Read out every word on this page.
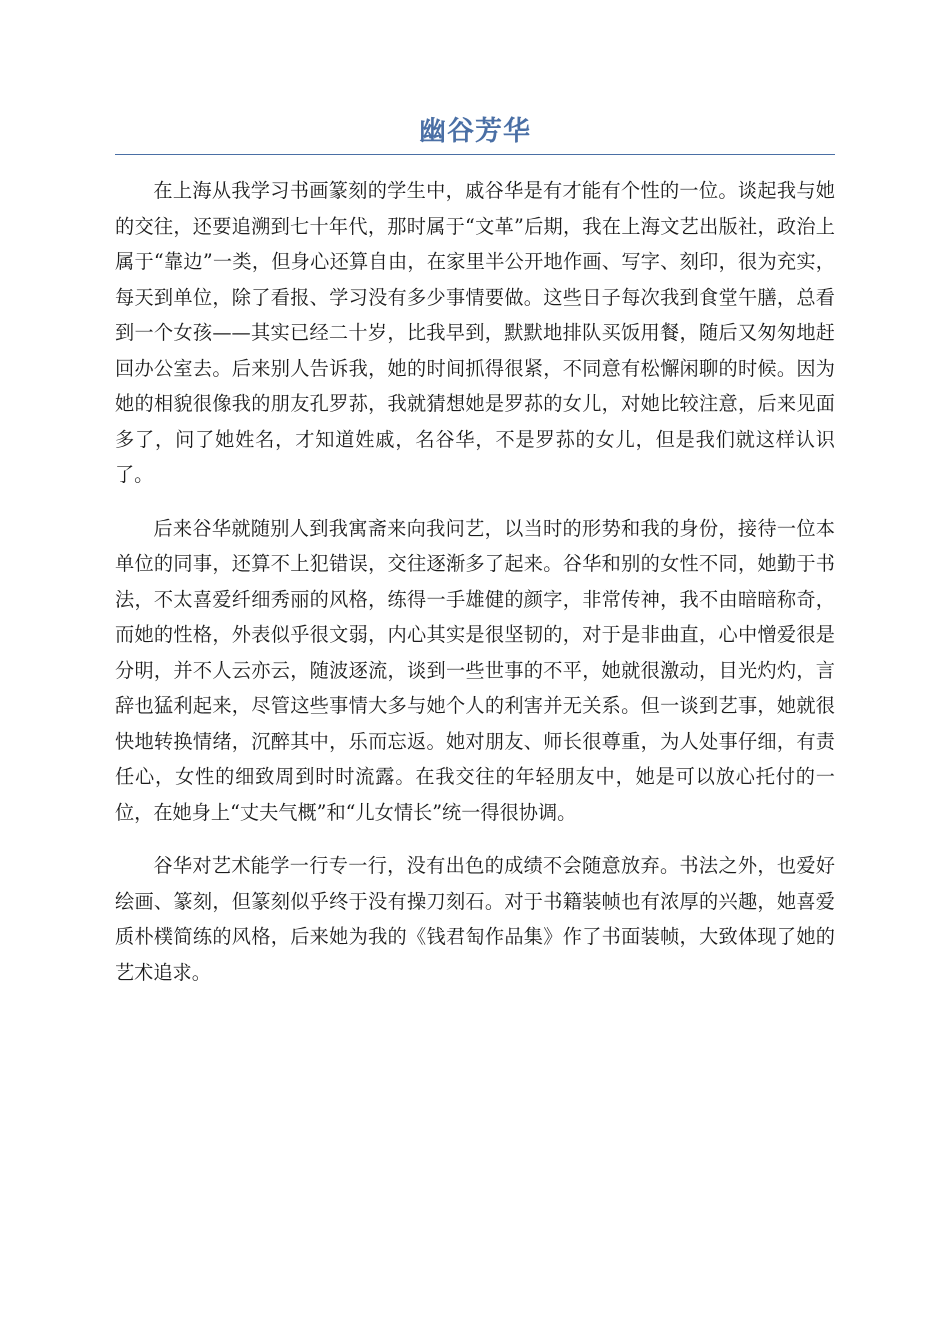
幽谷芳华

在上海从我学习书画篆刻的学生中，戚谷华是有才能有个性的一位。谈起我与她的交往，还要追溯到七十年代，那时属于“文革”后期，我在上海文艺出版社，政治上属于“靠边”一类，但身心还算自由，在家里半公开地作画、写字、刻印，很为充实，每天到单位，除了看报、学习没有多少事情要做。这些日子每次我到食堂午膳，总看到一个女孩——其实已经二十岁，比我早到，默默地排队买饭用餐，随后又匆匆地赶回办公室去。后来别人告诉我，她的时间抓得很紧，不同意有松懈闲聊的时候。因为她的相貌很像我的朋友孔罗荪，我就猜想她是罗荪的女儿，对她比较注意，后来见面多了，问了她姓名，才知道姓戚，名谷华，不是罗荪的女儿，但是我们就这样认识了。

后来谷华就随别人到我寓斋来向我问艺，以当时的形势和我的身份，接待一位本单位的同事，还算不上犯错误，交往逐渐多了起来。谷华和别的女性不同，她勤于书法，不太喜爱纤细秀丽的风格，练得一手雄健的颜字，非常传神，我不由暗暗称奇，而她的性格，外表似乎很文弱，内心其实是很坚韧的，对于是非曲直，心中憎爱很是分明，并不人云亦云，随波逐流，谈到一些世事的不平，她就很激动，目光灼灼，言辞也猛利起来，尽管这些事情大多与她个人的利害并无关系。但一谈到艺事，她就很快地转换情绪，沉醉其中，乐而忘返。她对朋友、师长很尊重，为人处事仔细，有责任心，女性的细致周到时时流露。在我交往的年轻朋友中，她是可以放心托付的一位，在她身上“丈夫气概”和“儿女情长”统一得很协调。

谷华对艺术能学一行专一行，没有出色的成绩不会随意放弃。书法之外，也爱好绘画、篆刻，但篆刻似乎终于没有操刀刻石。对于书籍装帧也有浓厚的兴趣，她喜爱质朴樸简练的风格，后来她为我的《钱君匋作品集》作了书面装帧，大致体现了她的艺术追求。
